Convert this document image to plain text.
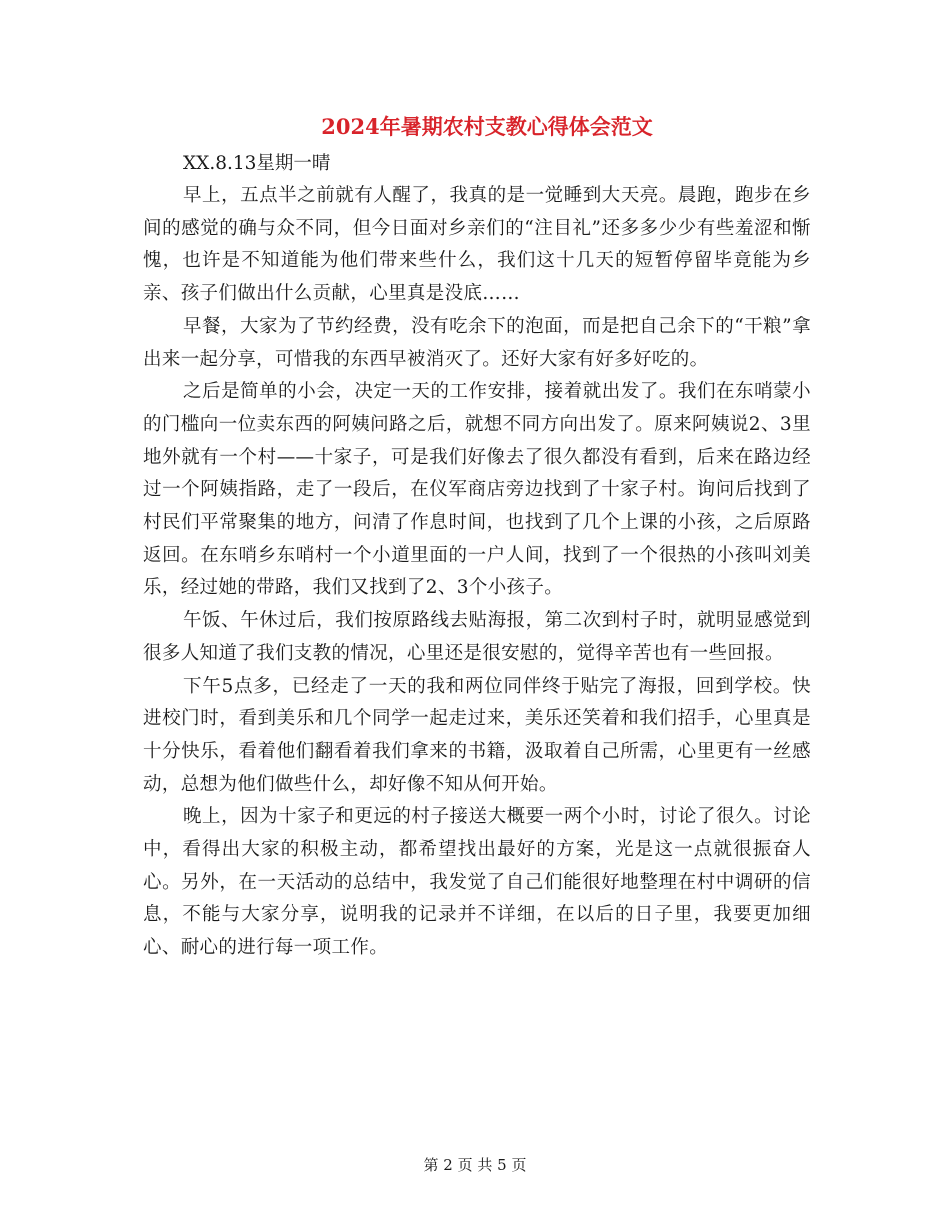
2024年暑期农村支教心得体会范文

XX.8.13星期一晴

早上，五点半之前就有人醒了，我真的是一觉睡到大天亮。晨跑，跑步在乡间的感觉的确与众不同，但今日面对乡亲们的“注目礼”还多多少少有些羞涩和惭愧，也许是不知道能为他们带来些什么，我们这十几天的短暂停留毕竟能为乡亲、孩子们做出什么贡献，心里真是没底……

早餐，大家为了节约经费，没有吃余下的泡面，而是把自己余下的“干粮”拿出来一起分享，可惜我的东西早被消灭了。还好大家有好多好吃的。

之后是简单的小会，决定一天的工作安排，接着就出发了。我们在东哨蒙小的门槛向一位卖东西的阿姨问路之后，就想不同方向出发了。原来阿姨说2、3里地外就有一个村——十家子，可是我们好像去了很久都没有看到，后来在路边经过一个阿姨指路，走了一段后，在仪军商店旁边找到了十家子村。询问后找到了村民们平常聚集的地方，问清了作息时间，也找到了几个上课的小孩，之后原路返回。在东哨乡东哨村一个小道里面的一户人间，找到了一个很热的小孩叫刘美乐，经过她的带路，我们又找到了2、3个小孩子。

午饭、午休过后，我们按原路线去贴海报，第二次到村子时，就明显感觉到很多人知道了我们支教的情况，心里还是很安慰的，觉得辛苦也有一些回报。

下午5点多，已经走了一天的我和两位同伴终于贴完了海报，回到学校。快进校门时，看到美乐和几个同学一起走过来，美乐还笑着和我们招手，心里真是十分快乐，看着他们翻看着我们拿来的书籍，汲取着自己所需，心里更有一丝感动，总想为他们做些什么，却好像不知从何开始。

晚上，因为十家子和更远的村子接送大概要一两个小时，讨论了很久。讨论中，看得出大家的积极主动，都希望找出最好的方案，光是这一点就很振奋人心。另外，在一天活动的总结中，我发觉了自己们能很好地整理在村中调研的信息，不能与大家分享，说明我的记录并不详细，在以后的日子里，我要更加细心、耐心的进行每一项工作。

第 2 页 共 5 页
